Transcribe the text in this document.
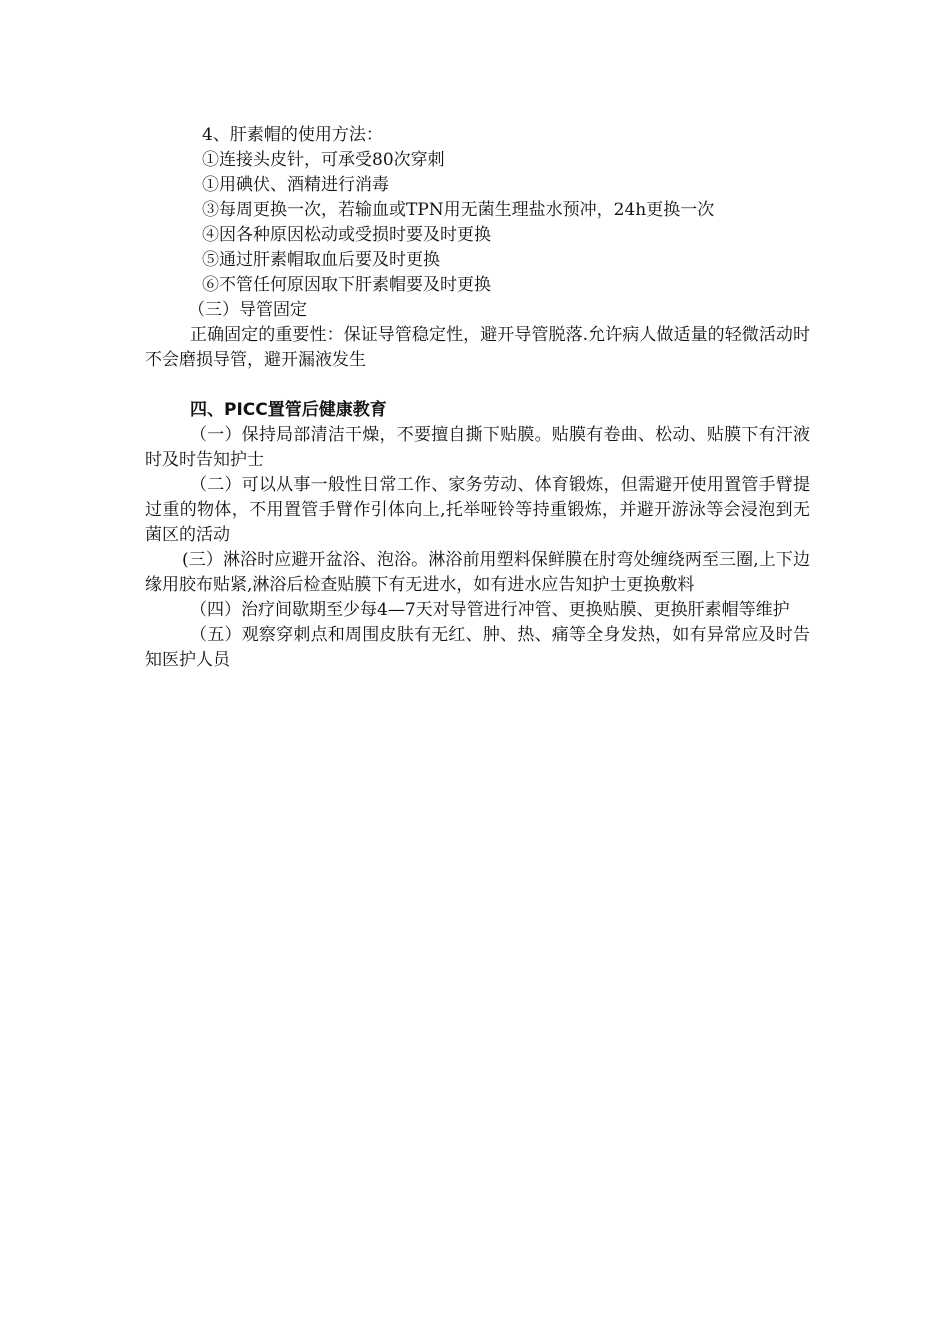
4、肝素帽的使用方法：
①连接头皮针，可承受80次穿刺
①用碘伏、酒精进行消毒
③每周更换一次，若输血或TPN用无菌生理盐水预冲，24h更换一次
④因各种原因松动或受损时要及时更换
⑤通过肝素帽取血后要及时更换
⑥不管任何原因取下肝素帽要及时更换
（三）导管固定
正确固定的重要性：保证导管稳定性，避开导管脱落.允许病人做适量的轻微活动时不会磨损导管，避开漏液发生
四、PICC置管后健康教育
（一）保持局部清洁干燥，不要擅自撕下贴膜。贴膜有卷曲、松动、贴膜下有汗液时及时告知护士
（二）可以从事一般性日常工作、家务劳动、体育锻炼，但需避开使用置管手臂提过重的物体，不用置管手臂作引体向上,托举哑铃等持重锻炼，并避开游泳等会浸泡到无菌区的活动
(三）淋浴时应避开盆浴、泡浴。淋浴前用塑料保鲜膜在肘弯处缠绕两至三圈,上下边缘用胶布贴紧,淋浴后检查贴膜下有无进水，如有进水应告知护士更换敷料
（四）治疗间歇期至少每4—7天对导管进行冲管、更换贴膜、更换肝素帽等维护
（五）观察穿刺点和周围皮肤有无红、肿、热、痛等全身发热，如有异常应及时告知医护人员
